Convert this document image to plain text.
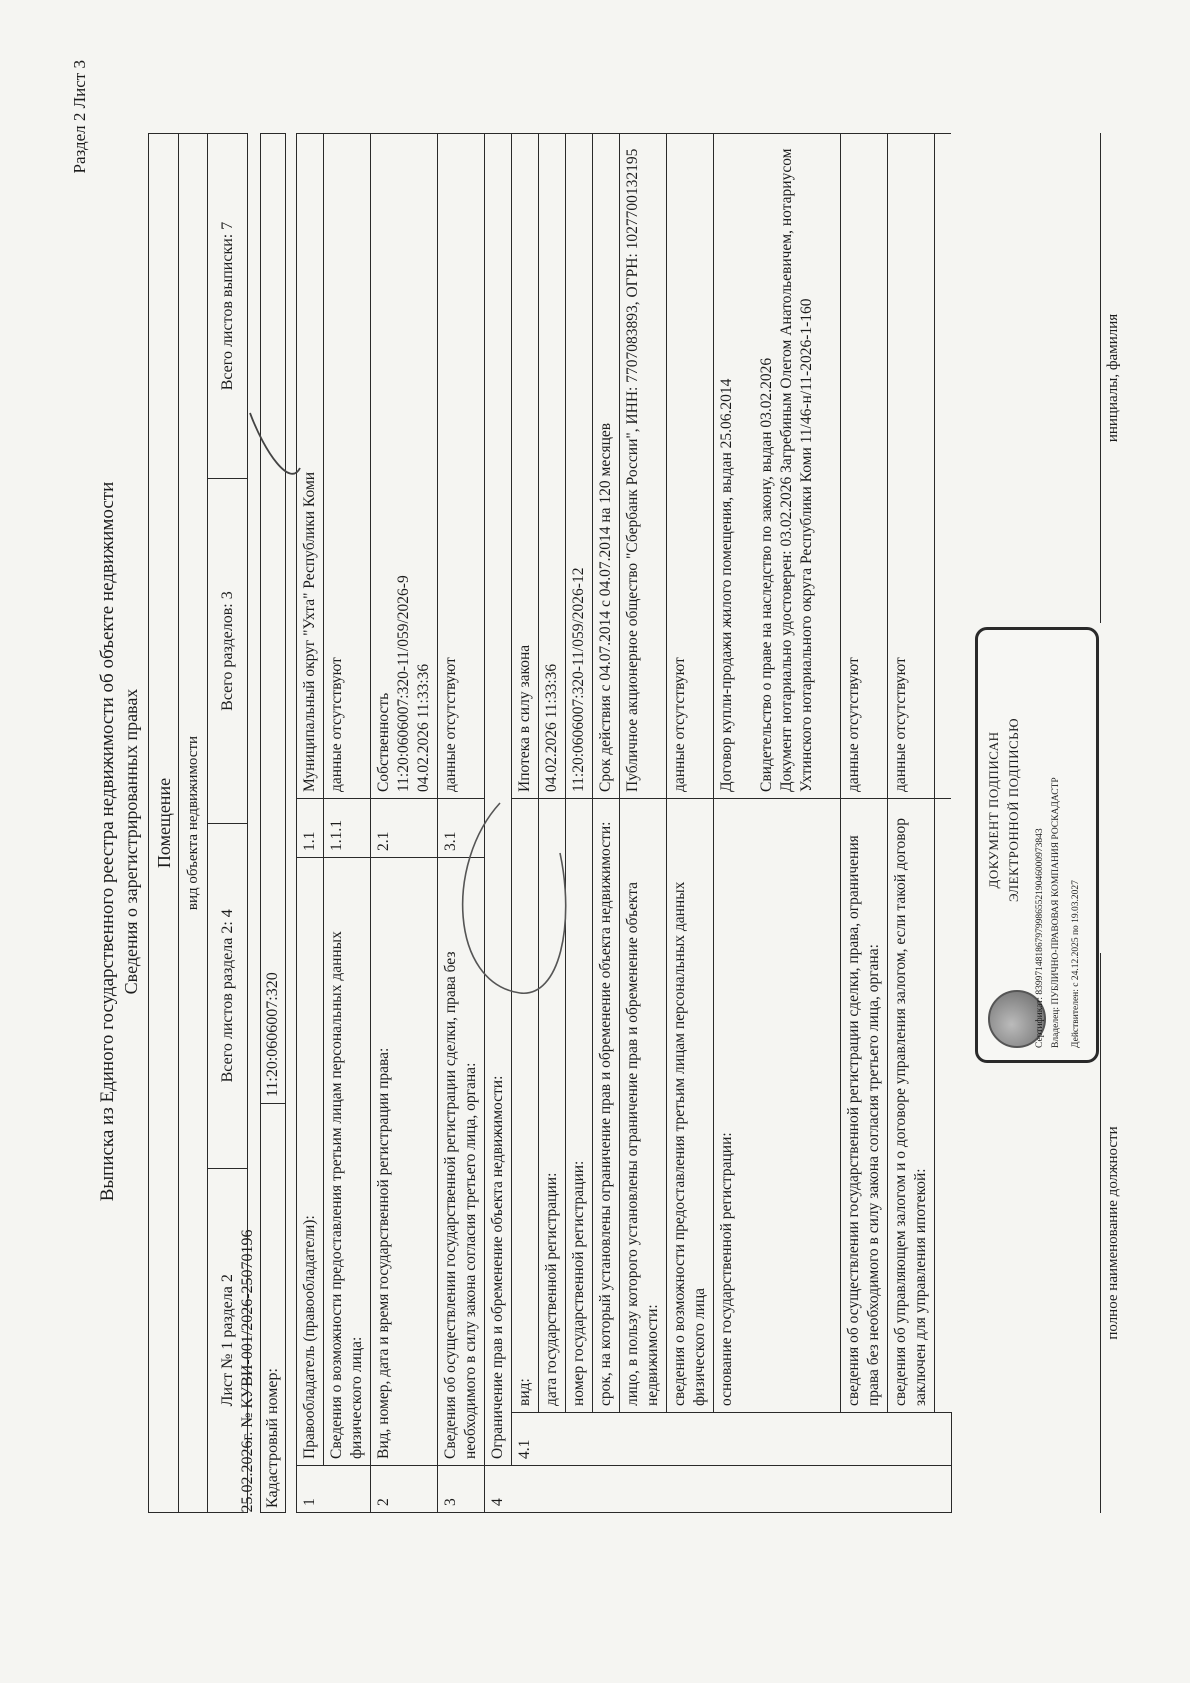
Раздел 2 Лист 3
Выписка из Единого государственного реестра недвижимости об объекте недвижимости Сведения о зарегистрированных правах Помещение
вид объекта недвижимости
Лист № 1 раздела 2	Всего листов раздела 2: 4	Всего разделов: 3	Всего листов выписки: 7
25.02.2026г. № КУВИ-001/2026-25070196
Кадастровый номер:	11:20:0606007:320
1	Правообладатель (правообладатели):		1.1	Муниципальный округ "Ухта" Республики Коми
	Сведения о возможности предоставления третьим лицам персональных данных физического лица:		1.1.1	данные отсутствуют
2	Вид, номер, дата и время государственной регистрации права:		2.1	Собственность 11:20:0606007:320-11/059/2026-9 04.02.2026 11:33:36

3	Сведения об осуществлении государственной регистрации сделки, права без необходимого в силу закона согласия третьего лица, органа:		3.1	данные отсутствуют
4	Ограничение прав и обременение объекта недвижимости:			
	4.1	вид:		Ипотека в силу закона
		дата государственной регистрации:		04.02.2026 11:33:36
		номер государственной регистрации:		11:20:0606007:320-11/059/2026-12
		срок, на который установлены ограничение прав и обременение объекта недвижимости:		Срок действия с 04.07.2014 с 04.07.2014 на 120 месяцев
		лицо, в пользу которого установлены ограничение прав и обременение объекта недвижимости:		Публичное акционерное общество "Сбербанк России", ИНН: 7707083893, ОГРН: 1027700132195
		сведения о возможности предоставления третьим лицам персональных данных физического лица		данные отсутствуют
		основание государственной регистрации:		Договор купли-продажи жилого помещения, выдан 25.06.2014 Свидетельство о праве на наследство по закону, выдан 03.02.2026 Документ нотариально удостоверен: 03.02.2026 Загребиным Олегом Анатольевичем, нотариусом Ухтинского нотариального округа Республики Коми 11/46-н/11-2026-1-160

		сведения об осуществлении государственной регистрации сделки, права, ограничения права без необходимого в силу закона согласия третьего лица, органа:		данные отсутствуют
		сведения об управляющем залогом и о договоре управления залогом, если такой договор заключен для управления ипотекой:		данные отсутствуют

ДОКУМЕНТ ПОДПИСАН ЭЛЕКТРОННОЙ ПОДПИСЬЮ
Сертификат: 83997148186797998655219046000973843 Владелец: ПУБЛИЧНО-ПРАВОВАЯ КОМПАНИЯ РОСКАДАСТР Действителен: с 24.12.2025 по 19.03.2027
полное наименование должности
инициалы, фамилия
